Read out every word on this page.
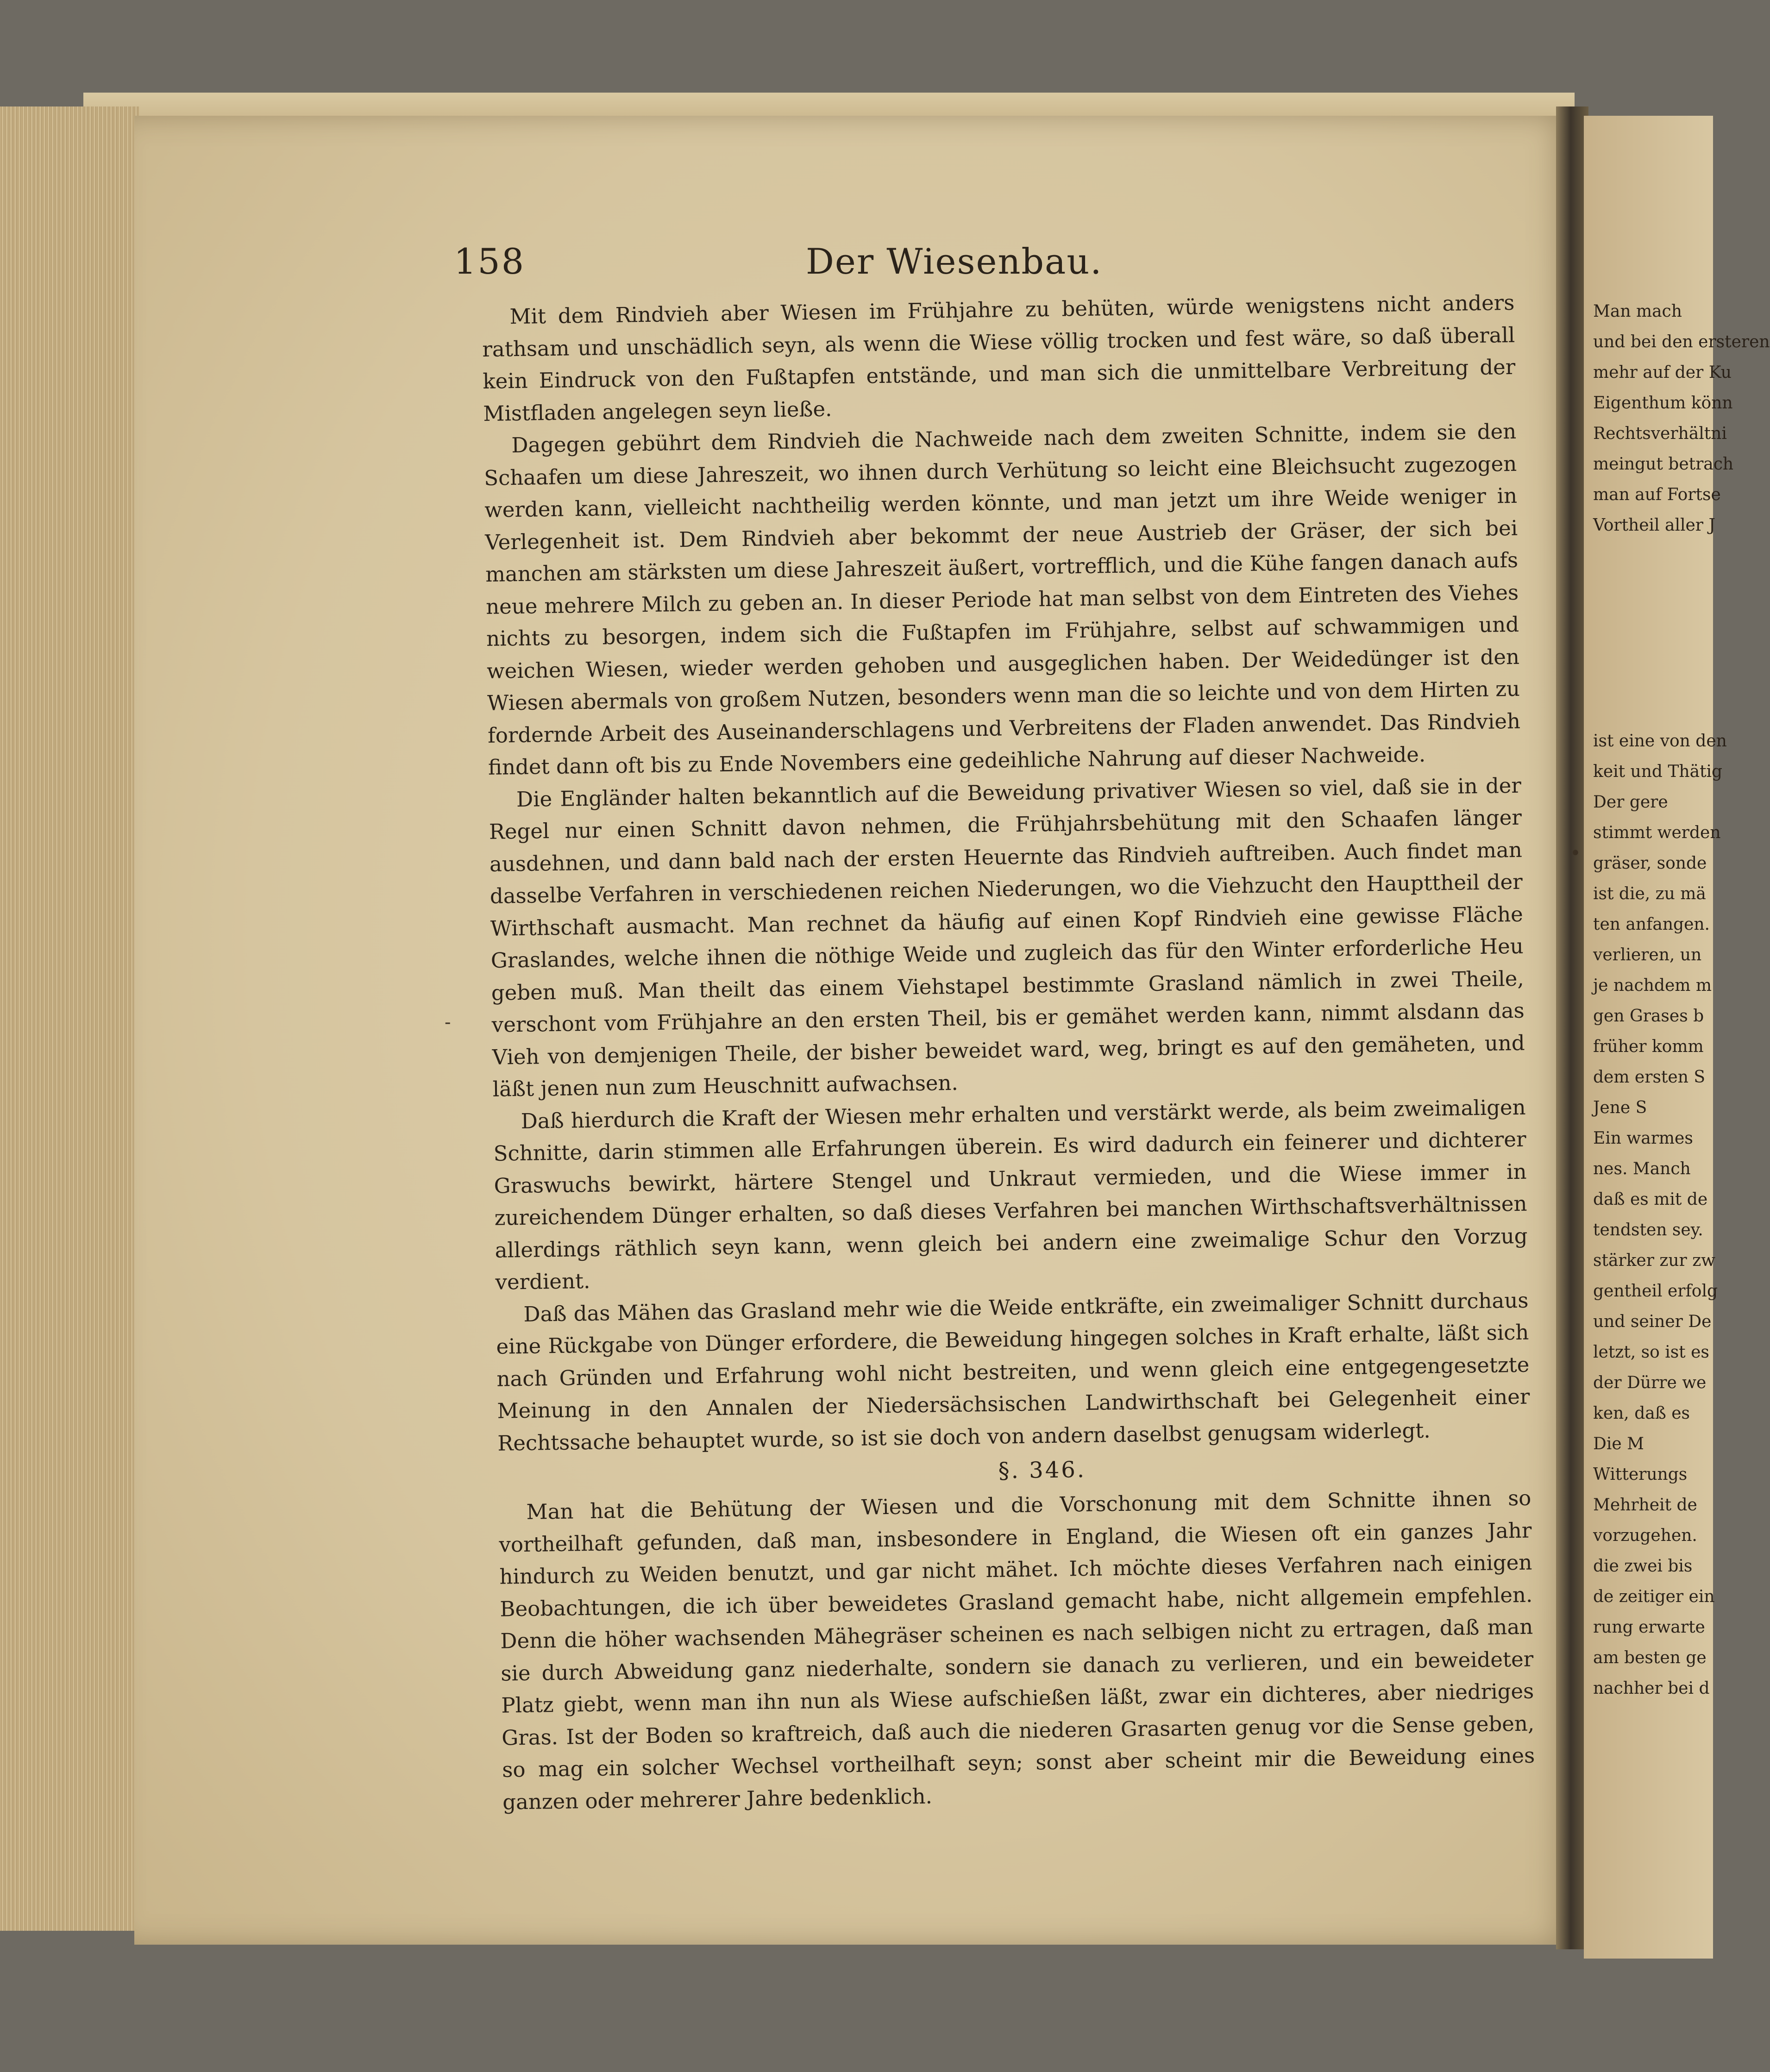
158	Der Wiesenbau.

Mit dem Rindvieh aber Wiesen im Frühjahre zu behüten, würde wenigstens nicht anders rathsam und unschädlich seyn, als wenn die Wiese völlig trocken und fest wäre, so daß überall kein Eindruck von den Fußtapfen entstände, und man sich die unmittelbare Verbreitung der Mistfladen angelegen seyn ließe.

Dagegen gebührt dem Rindvieh die Nachweide nach dem zweiten Schnitte, indem sie den Schaafen um diese Jahreszeit, wo ihnen durch Verhütung so leicht eine Bleichsucht zugezogen werden kann, vielleicht nachtheilig werden könnte, und man jetzt um ihre Weide weniger in Verlegenheit ist. Dem Rindvieh aber bekommt der neue Austrieb der Gräser, der sich bei manchen am stärksten um diese Jahreszeit äußert, vortrefflich, und die Kühe fangen danach aufs neue mehrere Milch zu geben an. In dieser Periode hat man selbst von dem Eintreten des Viehes nichts zu besorgen, indem sich die Fußtapfen im Frühjahre, selbst auf schwammigen und weichen Wiesen, wieder werden gehoben und ausgeglichen haben. Der Weidedünger ist den Wiesen abermals von großem Nutzen, besonders wenn man die so leichte und von dem Hirten zu fordernde Arbeit des Auseinanderschlagens und Verbreitens der Fladen anwendet. Das Rindvieh findet dann oft bis zu Ende Novembers eine gedeihliche Nahrung auf dieser Nachweide.

Die Engländer halten bekanntlich auf die Beweidung privativer Wiesen so viel, daß sie in der Regel nur einen Schnitt davon nehmen, die Frühjahrsbehütung mit den Schaafen länger ausdehnen, und dann bald nach der ersten Heuernte das Rindvieh auftreiben. Auch findet man dasselbe Verfahren in verschiedenen reichen Niederungen, wo die Viehzucht den Haupttheil der Wirthschaft ausmacht. Man rechnet da häufig auf einen Kopf Rindvieh eine gewisse Fläche Graslandes, welche ihnen die nöthige Weide und zugleich das für den Winter erforderliche Heu geben muß. Man theilt das einem Viehstapel bestimmte Grasland nämlich in zwei Theile, verschont vom Frühjahre an den ersten Theil, bis er gemähet werden kann, nimmt alsdann das Vieh von demjenigen Theile, der bisher beweidet ward, weg, bringt es auf den gemäheten, und läßt jenen nun zum Heuschnitt aufwachsen.

Daß hierdurch die Kraft der Wiesen mehr erhalten und verstärkt werde, als beim zweimaligen Schnitte, darin stimmen alle Erfahrungen überein. Es wird dadurch ein feinerer und dichterer Graswuchs bewirkt, härtere Stengel und Unkraut vermieden, und die Wiese immer in zureichendem Dünger erhalten, so daß dieses Verfahren bei manchen Wirthschaftsverhältnissen allerdings räthlich seyn kann, wenn gleich bei andern eine zweimalige Schur den Vorzug verdient.

Daß das Mähen das Grasland mehr wie die Weide entkräfte, ein zweimaliger Schnitt durchaus eine Rückgabe von Dünger erfordere, die Beweidung hingegen solches in Kraft erhalte, läßt sich nach Gründen und Erfahrung wohl nicht bestreiten, und wenn gleich eine entgegengesetzte Meinung in den Annalen der Niedersächsischen Landwirthschaft bei Gelegenheit einer Rechtssache behauptet wurde, so ist sie doch von andern daselbst genugsam widerlegt.

§. 346.

Man hat die Behütung der Wiesen und die Vorschonung mit dem Schnitte ihnen so vortheilhaft gefunden, daß man, insbesondere in England, die Wiesen oft ein ganzes Jahr hindurch zu Weiden benutzt, und gar nicht mähet. Ich möchte dieses Verfahren nach einigen Beobachtungen, die ich über beweidetes Grasland gemacht habe, nicht allgemein empfehlen. Denn die höher wachsenden Mähegräser scheinen es nach selbigen nicht zu ertragen, daß man sie durch Abweidung ganz niederhalte, sondern sie danach zu verlieren, und ein beweideter Platz giebt, wenn man ihn nun als Wiese aufschießen läßt, zwar ein dichteres, aber niedriges Gras. Ist der Boden so kraftreich, daß auch die niederen Grasarten genug vor die Sense geben, so mag ein solcher Wechsel vortheilhaft seyn; sonst aber scheint mir die Beweidung eines ganzen oder mehrerer Jahre bedenklich.

-
•
Man mach
und bei den ersteren
mehr auf der Ku
Eigenthum könn
Rechtsverhältni
meingut betrach
man auf Fortse
Vortheil aller J
ist eine von den
keit und Thätig
Der gere
stimmt werden
gräser, sonde
ist die, zu mä
ten anfangen.
verlieren, un
je nachdem m
gen Grases b
früher komm
dem ersten S
Jene S
Ein warmes
nes. Manch
daß es mit de
tendsten sey.
stärker zur zw
gentheil erfolg
und seiner De
letzt, so ist es
der Dürre we
ken, daß es
Die M
Witterungs
Mehrheit de
vorzugehen.
die zwei bis
de zeitiger ein
rung erwarte
am besten ge
nachher bei d
